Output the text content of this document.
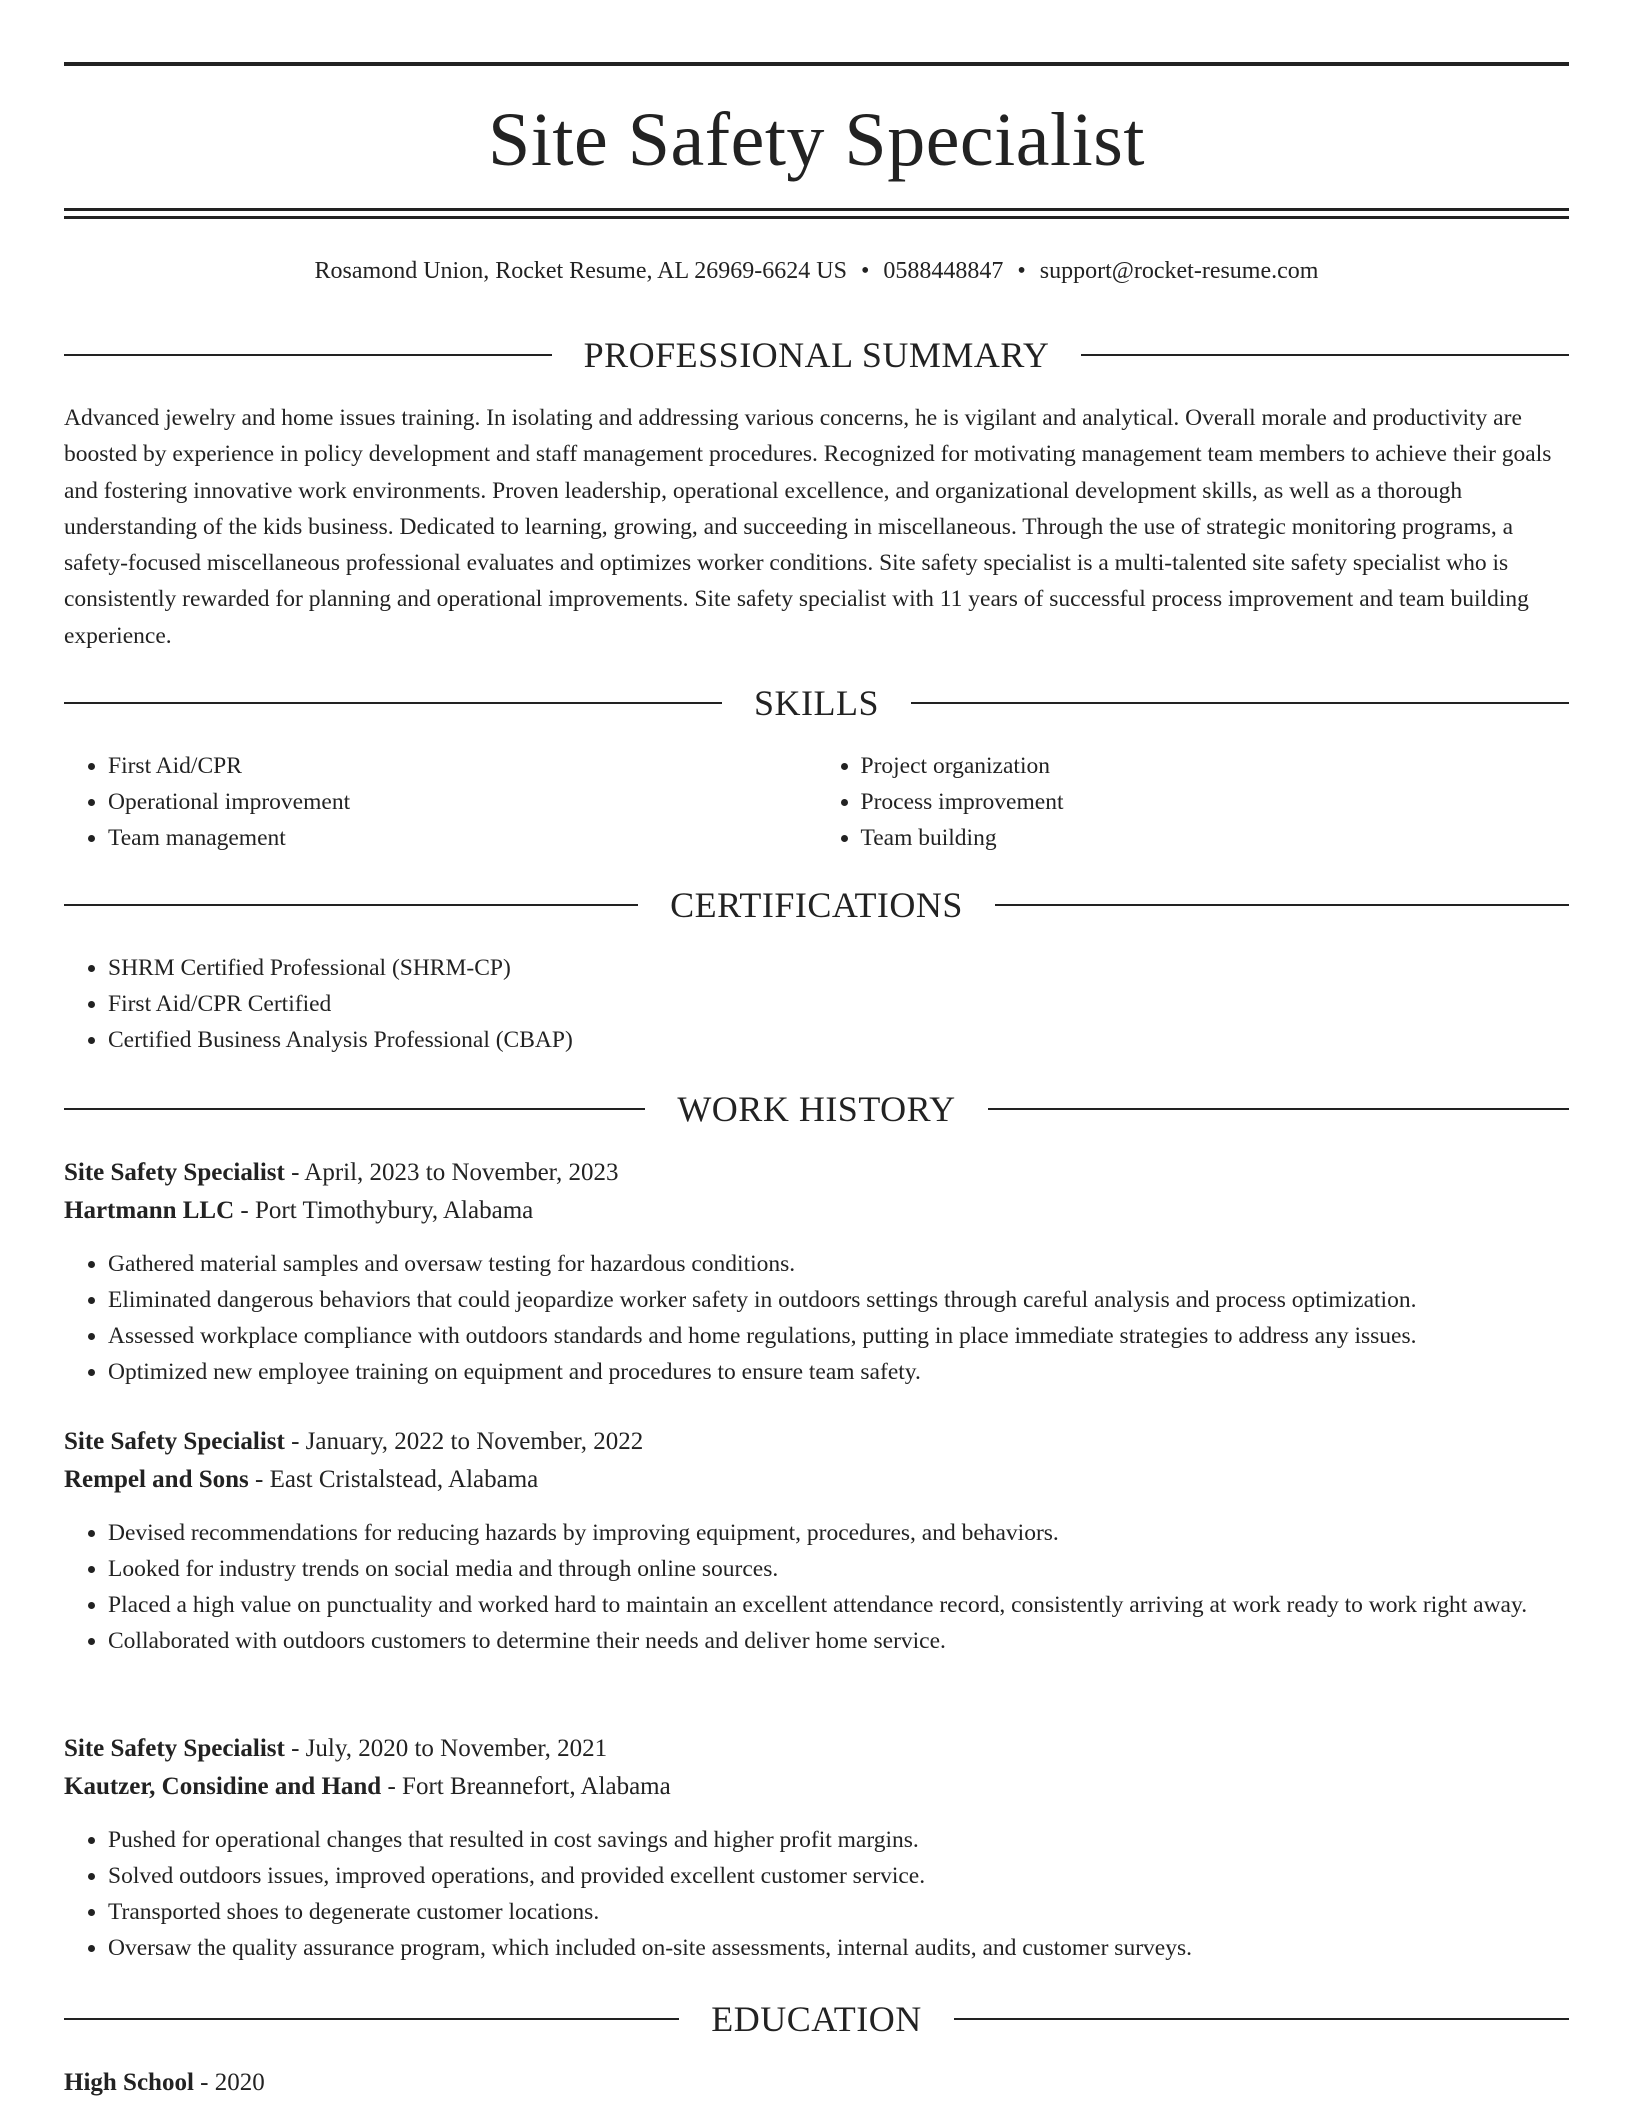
Site Safety Specialist
Rosamond Union, Rocket Resume, AL 26969-6624 US • 0588448847 • support@rocket-resume.com
PROFESSIONAL SUMMARY

Advanced jewelry and home issues training. In isolating and addressing various concerns, he is vigilant and analytical. Overall morale and productivity are boosted by experience in policy development and staff management procedures. Recognized for motivating management team members to achieve their goals and fostering innovative work environments. Proven leadership, operational excellence, and organizational development skills, as well as a thorough understanding of the kids business. Dedicated to learning, growing, and succeeding in miscellaneous. Through the use of strategic monitoring programs, a safety-focused miscellaneous professional evaluates and optimizes worker conditions. Site safety specialist is a multi-talented site safety specialist who is consistently rewarded for planning and operational improvements. Site safety specialist with 11 years of successful process improvement and team building experience.

SKILLS
• First Aid/CPR
• Operational improvement
• Team management
• Project organization
• Process improvement
• Team building
CERTIFICATIONS
• SHRM Certified Professional (SHRM-CP)
• First Aid/CPR Certified
• Certified Business Analysis Professional (CBAP)
WORK HISTORY
Site Safety Specialist - April, 2023 to November, 2023
Hartmann LLC - Port Timothybury, Alabama
• Gathered material samples and oversaw testing for hazardous conditions.
• Eliminated dangerous behaviors that could jeopardize worker safety in outdoors settings through careful analysis and process optimization.
• Assessed workplace compliance with outdoors standards and home regulations, putting in place immediate strategies to address any issues.
• Optimized new employee training on equipment and procedures to ensure team safety.
Site Safety Specialist - January, 2022 to November, 2022
Rempel and Sons - East Cristalstead, Alabama
• Devised recommendations for reducing hazards by improving equipment, procedures, and behaviors.
• Looked for industry trends on social media and through online sources.
• Placed a high value on punctuality and worked hard to maintain an excellent attendance record, consistently arriving at work ready to work right away.
• Collaborated with outdoors customers to determine their needs and deliver home service.
Site Safety Specialist - July, 2020 to November, 2021
Kautzer, Considine and Hand - Fort Breannefort, Alabama
• Pushed for operational changes that resulted in cost savings and higher profit margins.
• Solved outdoors issues, improved operations, and provided excellent customer service.
• Transported shoes to degenerate customer locations.
• Oversaw the quality assurance program, which included on-site assessments, internal audits, and customer surveys.
EDUCATION
High School - 2020
